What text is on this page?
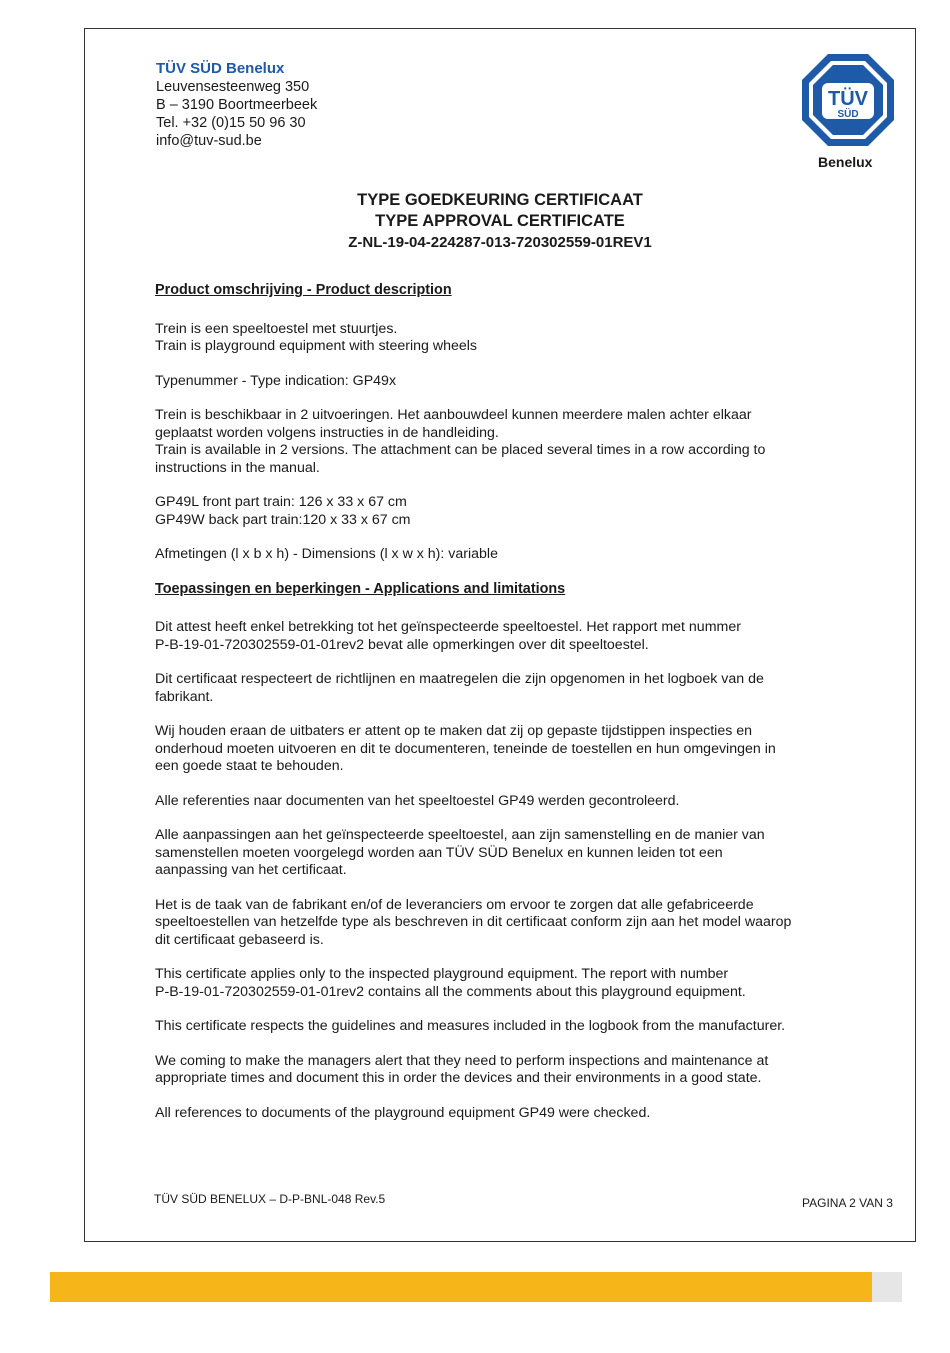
TÜV SÜD Benelux
Leuvensesteenweg 350
B – 3190 Boortmeerbeek
Tel. +32 (0)15 50 96 30
info@tuv-sud.be
TÜV
SÜD
Benelux
TYPE GOEDKEURING CERTIFICAAT
TYPE APPROVAL CERTIFICATE
Z-NL-19-04-224287-013-720302559-01REV1
Product omschrijving - Product description

Trein is een speeltoestel met stuurtjes.
Train is playground equipment with steering wheels

Typenummer - Type indication: GP49x

Trein is beschikbaar in 2 uitvoeringen. Het aanbouwdeel kunnen meerdere malen achter elkaar
geplaatst worden volgens instructies in de handleiding.
Train is available in 2 versions. The attachment can be placed several times in a row according to
instructions in the manual.

GP49L front part train: 126 x 33 x 67 cm
GP49W back part train:120 x 33 x 67 cm

Afmetingen (l x b x h) - Dimensions (l x w x h): variable

Toepassingen en beperkingen - Applications and limitations

Dit attest heeft enkel betrekking tot het geïnspecteerde speeltoestel. Het rapport met nummer
P-B-19-01-720302559-01-01rev2 bevat alle opmerkingen over dit speeltoestel.

Dit certificaat respecteert de richtlijnen en maatregelen die zijn opgenomen in het logboek van de
fabrikant.

Wij houden eraan de uitbaters er attent op te maken dat zij op gepaste tijdstippen inspecties en
onderhoud moeten uitvoeren en dit te documenteren, teneinde de toestellen en hun omgevingen in
een goede staat te behouden.

Alle referenties naar documenten van het speeltoestel GP49 werden gecontroleerd.

Alle aanpassingen aan het geïnspecteerde speeltoestel, aan zijn samenstelling en de manier van
samenstellen moeten voorgelegd worden aan TÜV SÜD Benelux en kunnen leiden tot een
aanpassing van het certificaat.

Het is de taak van de fabrikant en/of de leveranciers om ervoor te zorgen dat alle gefabriceerde
speeltoestellen van hetzelfde type als beschreven in dit certificaat conform zijn aan het model waarop
dit certificaat gebaseerd is.

This certificate applies only to the inspected playground equipment. The report with number
P-B-19-01-720302559-01-01rev2 contains all the comments about this playground equipment.

This certificate respects the guidelines and measures included in the logbook from the manufacturer.

We coming to make the managers alert that they need to perform inspections and maintenance at
appropriate times and document this in order the devices and their environments in a good state.

All references to documents of the playground equipment GP49 were checked.

TÜV SÜD BENELUX – D-P-BNL-048 Rev.5	PAGINA 2 VAN 3
